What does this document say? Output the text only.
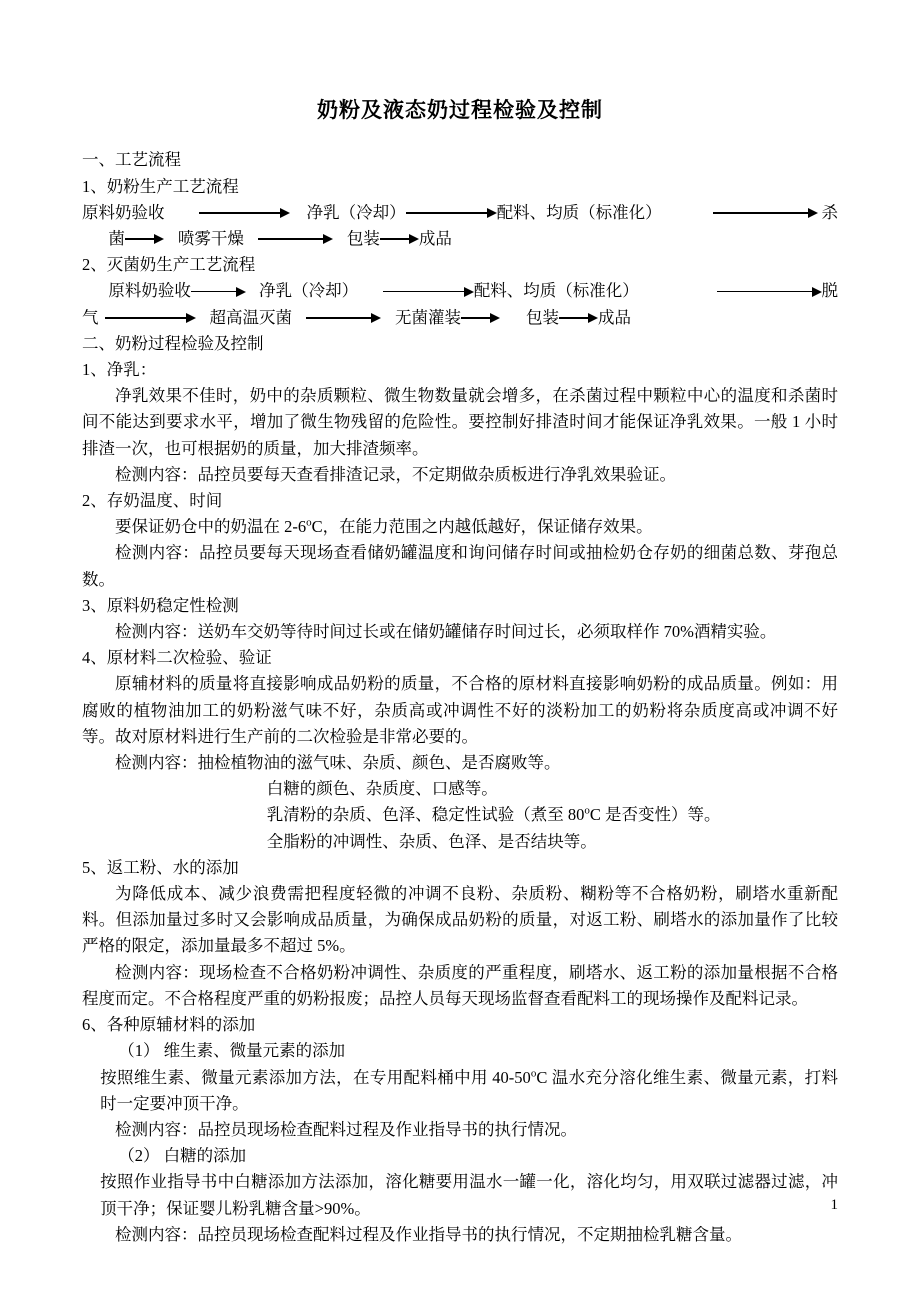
奶粉及液态奶过程检验及控制
一、工艺流程
1、奶粉生产工艺流程
原料奶验收	净乳（冷却）	配料、均质（标准化）	杀
菌	喷雾干燥	包装 成品
2、灭菌奶生产工艺流程
原料奶验收	净乳（冷却）	配料、均质（标准化）	脱
气	超高温灭菌	无菌灌装	包装 成品
二、奶粉过程检验及控制
1、净乳：

净乳效果不佳时，奶中的杂质颗粒、微生物数量就会增多，在杀菌过程中颗粒中心的温度和杀菌时间不能达到要求水平，增加了微生物残留的危险性。要控制好排渣时间才能保证净乳效果。一般 1 小时排渣一次，也可根据奶的质量，加大排渣频率。

检测内容：品控员要每天查看排渣记录，不定期做杂质板进行净乳效果验证。

2、存奶温度、时间

要保证奶仓中的奶温在 2-6$^o$C，在能力范围之内越低越好，保证储存效果。

检测内容：品控员要每天现场查看储奶罐温度和询问储存时间或抽检奶仓存奶的细菌总数、芽孢总数。

3、原料奶稳定性检测

检测内容：送奶车交奶等待时间过长或在储奶罐储存时间过长，必须取样作 70%酒精实验。

4、原材料二次检验、验证

原辅材料的质量将直接影响成品奶粉的质量，不合格的原材料直接影响奶粉的成品质量。例如：用腐败的植物油加工的奶粉滋气味不好，杂质高或冲调性不好的淡粉加工的奶粉将杂质度高或冲调不好等。故对原材料进行生产前的二次检验是非常必要的。

检测内容：抽检植物油的滋气味、杂质、颜色、是否腐败等。

白糖的颜色、杂质度、口感等。

乳清粉的杂质、色泽、稳定性试验（煮至 80$^o$C 是否变性）等。

全脂粉的冲调性、杂质、色泽、是否结块等。

5、返工粉、水的添加

为降低成本、减少浪费需把程度轻微的冲调不良粉、杂质粉、糊粉等不合格奶粉，刷塔水重新配料。但添加量过多时又会影响成品质量，为确保成品奶粉的质量，对返工粉、刷塔水的添加量作了比较严格的限定，添加量最多不超过 5%。

检测内容：现场检查不合格奶粉冲调性、杂质度的严重程度，刷塔水、返工粉的添加量根据不合格程度而定。不合格程度严重的奶粉报废；品控人员每天现场监督查看配料工的现场操作及配料记录。

6、各种原辅材料的添加
（1） 维生素、微量元素的添加

按照维生素、微量元素添加方法，在专用配料桶中用 40-50$^o$C 温水充分溶化维生素、微量元素，打料时一定要冲顶干净。

检测内容：品控员现场检查配料过程及作业指导书的执行情况。

（2） 白糖的添加

按照作业指导书中白糖添加方法添加，溶化糖要用温水一罐一化，溶化均匀，用双联过滤器过滤，冲顶干净；保证婴儿粉乳糖含量>90%。

检测内容：品控员现场检查配料过程及作业指导书的执行情况，不定期抽检乳糖含量。

1
